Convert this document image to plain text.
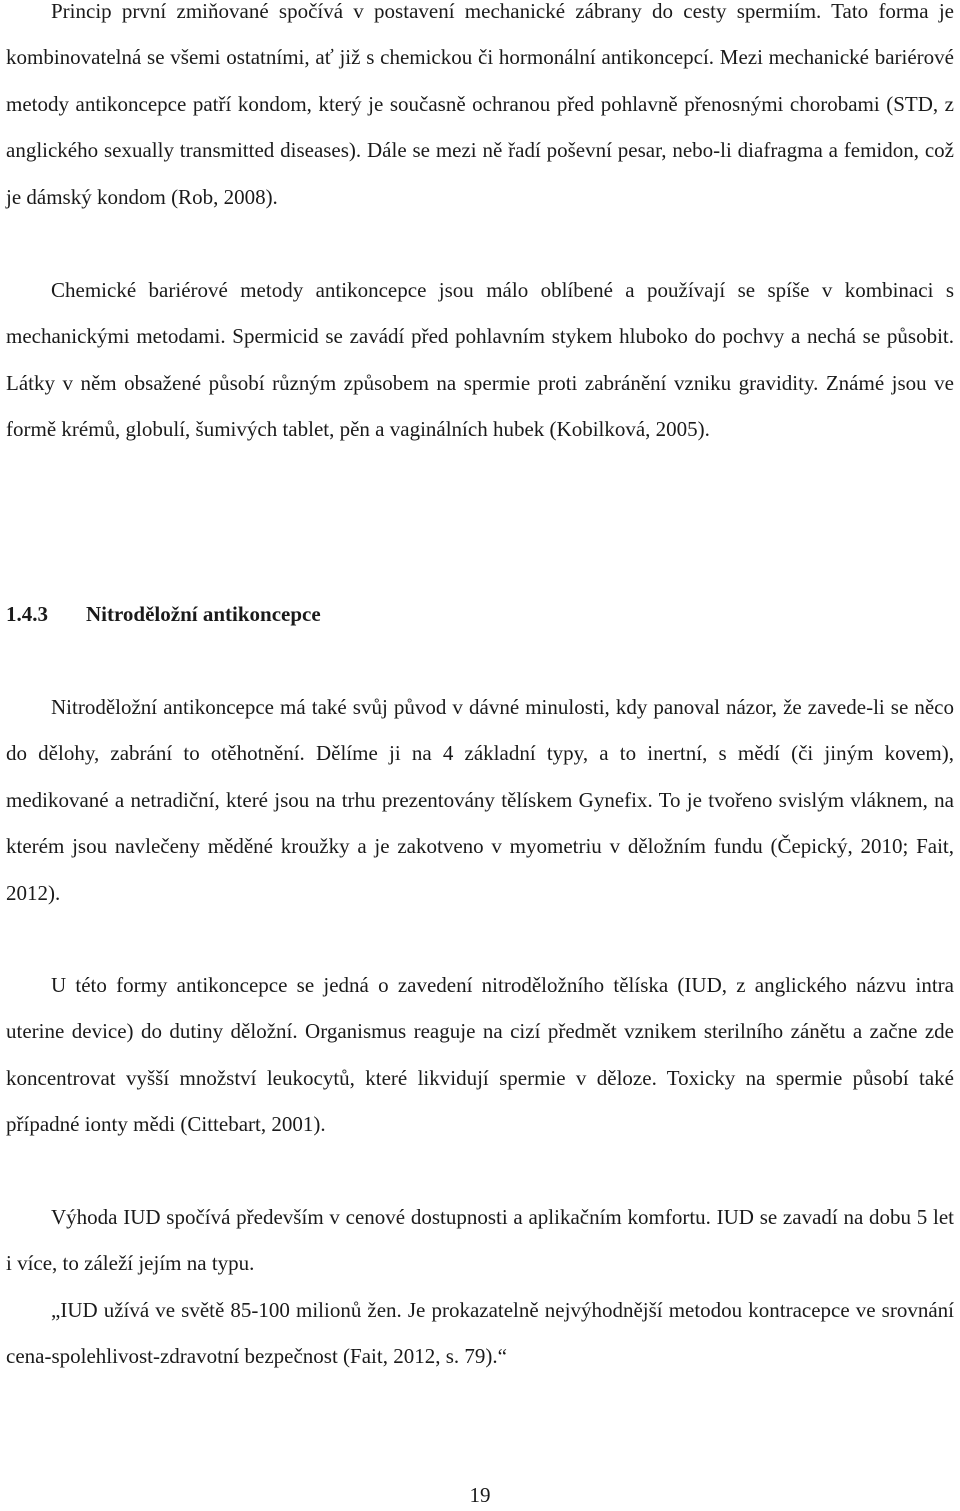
Princip první zmiňované spočívá v postavení mechanické zábrany do cesty spermiím. Tato forma je kombinovatelná se všemi ostatními, ať již s chemickou či hormonální antikoncepcí. Mezi mechanické bariérové metody antikoncepce patří kondom, který je současně ochranou před pohlavně přenosnými chorobami (STD, z anglického sexually transmitted diseases). Dále se mezi ně řadí poševní pesar, nebo-li diafragma a femidon, což je dámský kondom (Rob, 2008).

Chemické bariérové metody antikoncepce jsou málo oblíbené a používají se spíše v kombinaci s mechanickými metodami. Spermicid se zavádí před pohlavním stykem hluboko do pochvy a nechá se působit. Látky v něm obsažené působí různým způsobem na spermie proti zabránění vzniku gravidity. Známé jsou ve formě krémů, globulí, šumivých tablet, pěn a vaginálních hubek (Kobilková, 2005).

1.4.3 Nitroděložní antikoncepce

Nitroděložní antikoncepce má také svůj původ v dávné minulosti, kdy panoval názor, že zavede-li se něco do dělohy, zabrání to otěhotnění. Dělíme ji na 4 základní typy, a to inertní, s mědí (či jiným kovem), medikované a netradiční, které jsou na trhu prezentovány tělískem Gynefix. To je tvořeno svislým vláknem, na kterém jsou navlečeny měděné kroužky a je zakotveno v myometriu v děložním fundu (Čepický, 2010; Fait, 2012).

U této formy antikoncepce se jedná o zavedení nitroděložního tělíska (IUD, z anglického názvu intra uterine device) do dutiny děložní. Organismus reaguje na cizí předmět vznikem sterilního zánětu a začne zde koncentrovat vyšší množství leukocytů, které likvidují spermie v děloze. Toxicky na spermie působí také případné ionty mědi (Cittebart, 2001).

Výhoda IUD spočívá především v cenové dostupnosti a aplikačním komfortu. IUD se zavadí na dobu 5 let i více, to záleží jejím na typu.

„IUD užívá ve světě 85-100 milionů žen. Je prokazatelně nejvýhodnější metodou kontracepce ve srovnání cena-spolehlivost-zdravotní bezpečnost (Fait, 2012, s. 79).“

19
